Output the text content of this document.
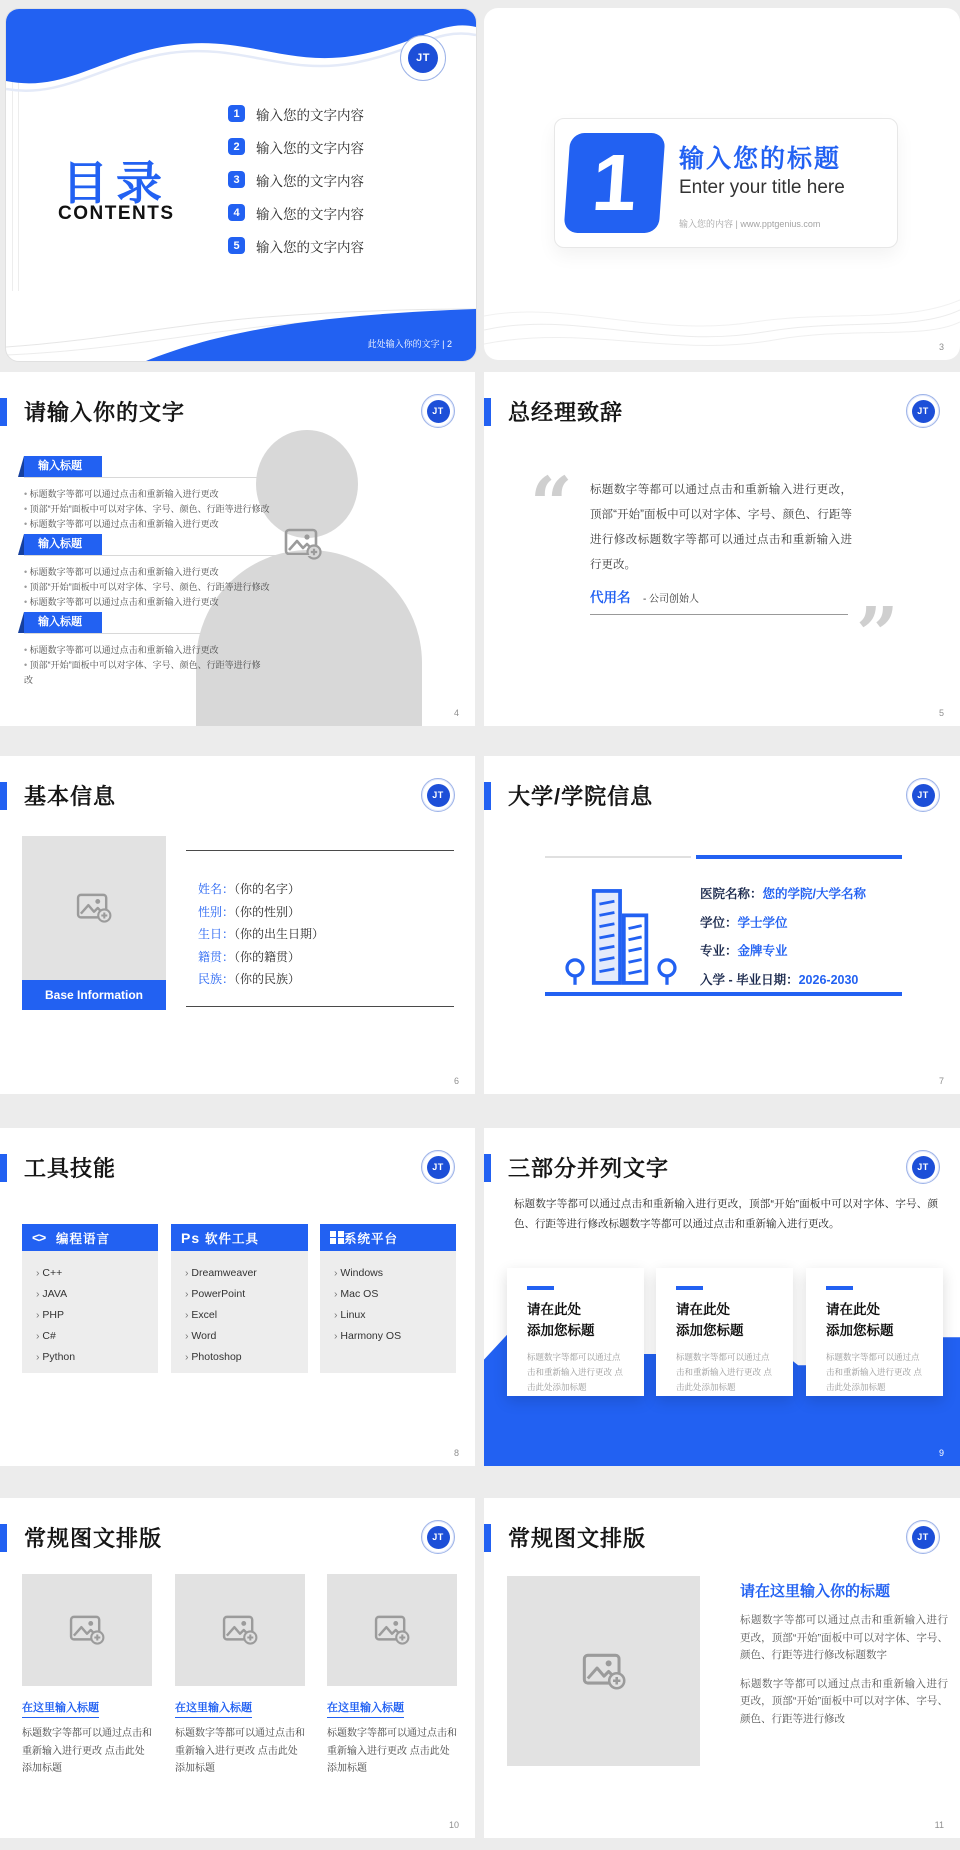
JT
目录
CONTENTS
1	输入您的文字内容
2	输入您的文字内容
3	输入您的文字内容
4	输入您的文字内容
5	输入您的文字内容
此处输入你的文字 | 2
1	输入您的标题
Enter your title here
输入您的内容 | www.pptgenius.com
3
请输入你的文字	JT
输入标题
• 标题数字等都可以通过点击和重新输入进行更改
• 顶部“开始”面板中可以对字体、字号、颜色、行距等进行修改
• 标题数字等都可以通过点击和重新输入进行更改
输入标题
• 标题数字等都可以通过点击和重新输入进行更改
• 顶部“开始”面板中可以对字体、字号、颜色、行距等进行修改
• 标题数字等都可以通过点击和重新输入进行更改
输入标题
• 标题数字等都可以通过点击和重新输入进行更改
• 顶部“开始”面板中可以对字体、字号、颜色、行距等进行修改
4
总经理致辞	JT
“ 标题数字等都可以通过点击和重新输入进行更改，顶部“开始”面板中可以对字体、字号、颜色、行距等进行修改标题数字等都可以通过点击和重新输入进行更改。
代用名 - 公司创始人 ”
5
基本信息	JT
Base Information
姓名：（你的名字）
性别：（你的性别）
生日：（你的出生日期）
籍贯：（你的籍贯）
民族：（你的民族）
6
大学/学院信息	JT
医院名称：您的学院/大学名称
学位：学士学位
专业：金牌专业
入学 - 毕业日期：2026-2030
7
工具技能	JT
<> 编程语言
› C++
› JAVA
› PHP
› C#
› Python
Ps 软件工具
› Dreamweaver
› PowerPoint
› Excel
› Word
› Photoshop
系统平台
› Windows
› Mac OS
› Linux
› Harmony OS
8
三部分并列文字	JT
标题数字等都可以通过点击和重新输入进行更改，顶部“开始”面板中可以对字体、字号、颜色、行距等进行修改标题数字等都可以通过点击和重新输入进行更改。
请在此处
添加您标题
标题数字等都可以通过点击和重新输入进行更改 点击此处添加标题
请在此处
添加您标题
标题数字等都可以通过点击和重新输入进行更改 点击此处添加标题
请在此处
添加您标题
标题数字等都可以通过点击和重新输入进行更改 点击此处添加标题
9
常规图文排版	JT
在这里输入标题
标题数字等都可以通过点击和重新输入进行更改 点击此处添加标题
在这里输入标题
标题数字等都可以通过点击和重新输入进行更改 点击此处添加标题
在这里输入标题
标题数字等都可以通过点击和重新输入进行更改 点击此处添加标题
10
常规图文排版	JT
请在这里输入你的标题
标题数字等都可以通过点击和重新输入进行更改，顶部“开始”面板中可以对字体、字号、颜色、行距等进行修改标题数字
标题数字等都可以通过点击和重新输入进行更改，顶部“开始”面板中可以对字体、字号、颜色、行距等进行修改
11
